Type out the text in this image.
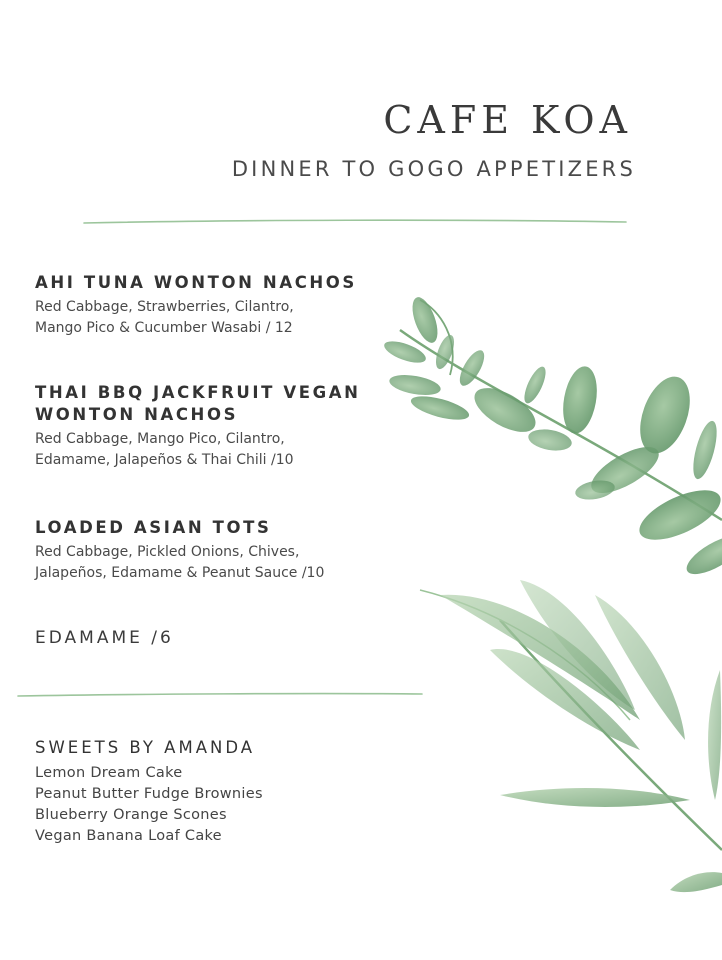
CAFE KOA
DINNER TO GOGO APPETIZERS
AHI TUNA WONTON NACHOS
Red Cabbage, Strawberries, Cilantro,
Mango Pico & Cucumber Wasabi / 12
THAI BBQ JACKFRUIT VEGAN
WONTON NACHOS
Red Cabbage, Mango Pico, Cilantro,
Edamame, Jalapeños & Thai Chili /10
LOADED ASIAN TOTS
Red Cabbage, Pickled Onions, Chives,
Jalapeños, Edamame & Peanut Sauce /10
EDAMAME /6
SWEETS BY AMANDA
Lemon Dream Cake
Peanut Butter Fudge Brownies
Blueberry Orange Scones
Vegan Banana Loaf Cake
